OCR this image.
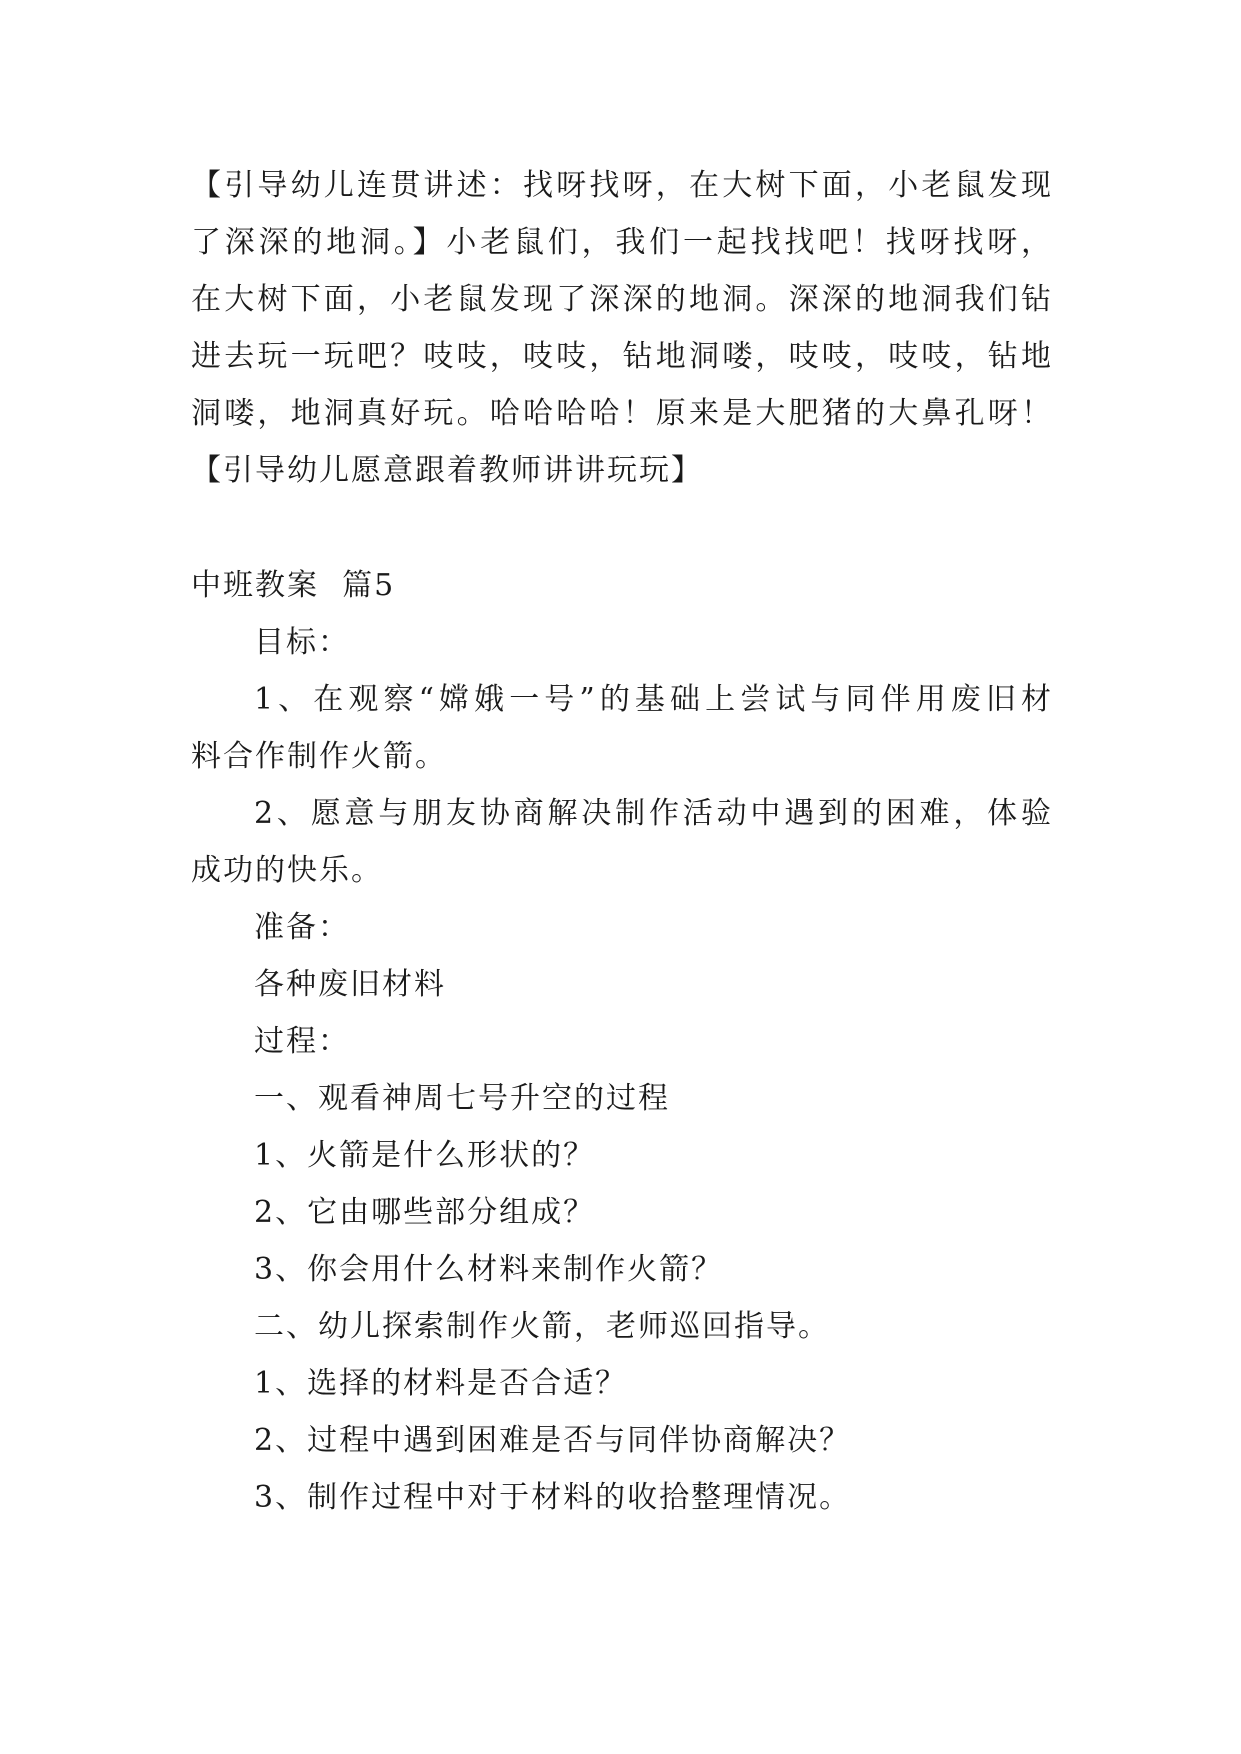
【引导幼儿连贯讲述：找呀找呀，在大树下面，小老鼠发现
了深深的地洞。】小老鼠们，我们一起找找吧！找呀找呀，
在大树下面，小老鼠发现了深深的地洞。深深的地洞我们钻
进去玩一玩吧？吱吱，吱吱，钻地洞喽，吱吱，吱吱，钻地
洞喽，地洞真好玩。哈哈哈哈！原来是大肥猪的大鼻孔呀！
【引导幼儿愿意跟着教师讲讲玩玩】
中班教案  篇5
目标：
1、在观察“嫦娥一号”的基础上尝试与同伴用废旧材
料合作制作火箭。
2、愿意与朋友协商解决制作活动中遇到的困难，体验
成功的快乐。
准备：
各种废旧材料
过程：
一、观看神周七号升空的过程
1、火箭是什么形状的？
2、它由哪些部分组成？
3、你会用什么材料来制作火箭？
二、幼儿探索制作火箭，老师巡回指导。
1、选择的材料是否合适？
2、过程中遇到困难是否与同伴协商解决？
3、制作过程中对于材料的收拾整理情况。
